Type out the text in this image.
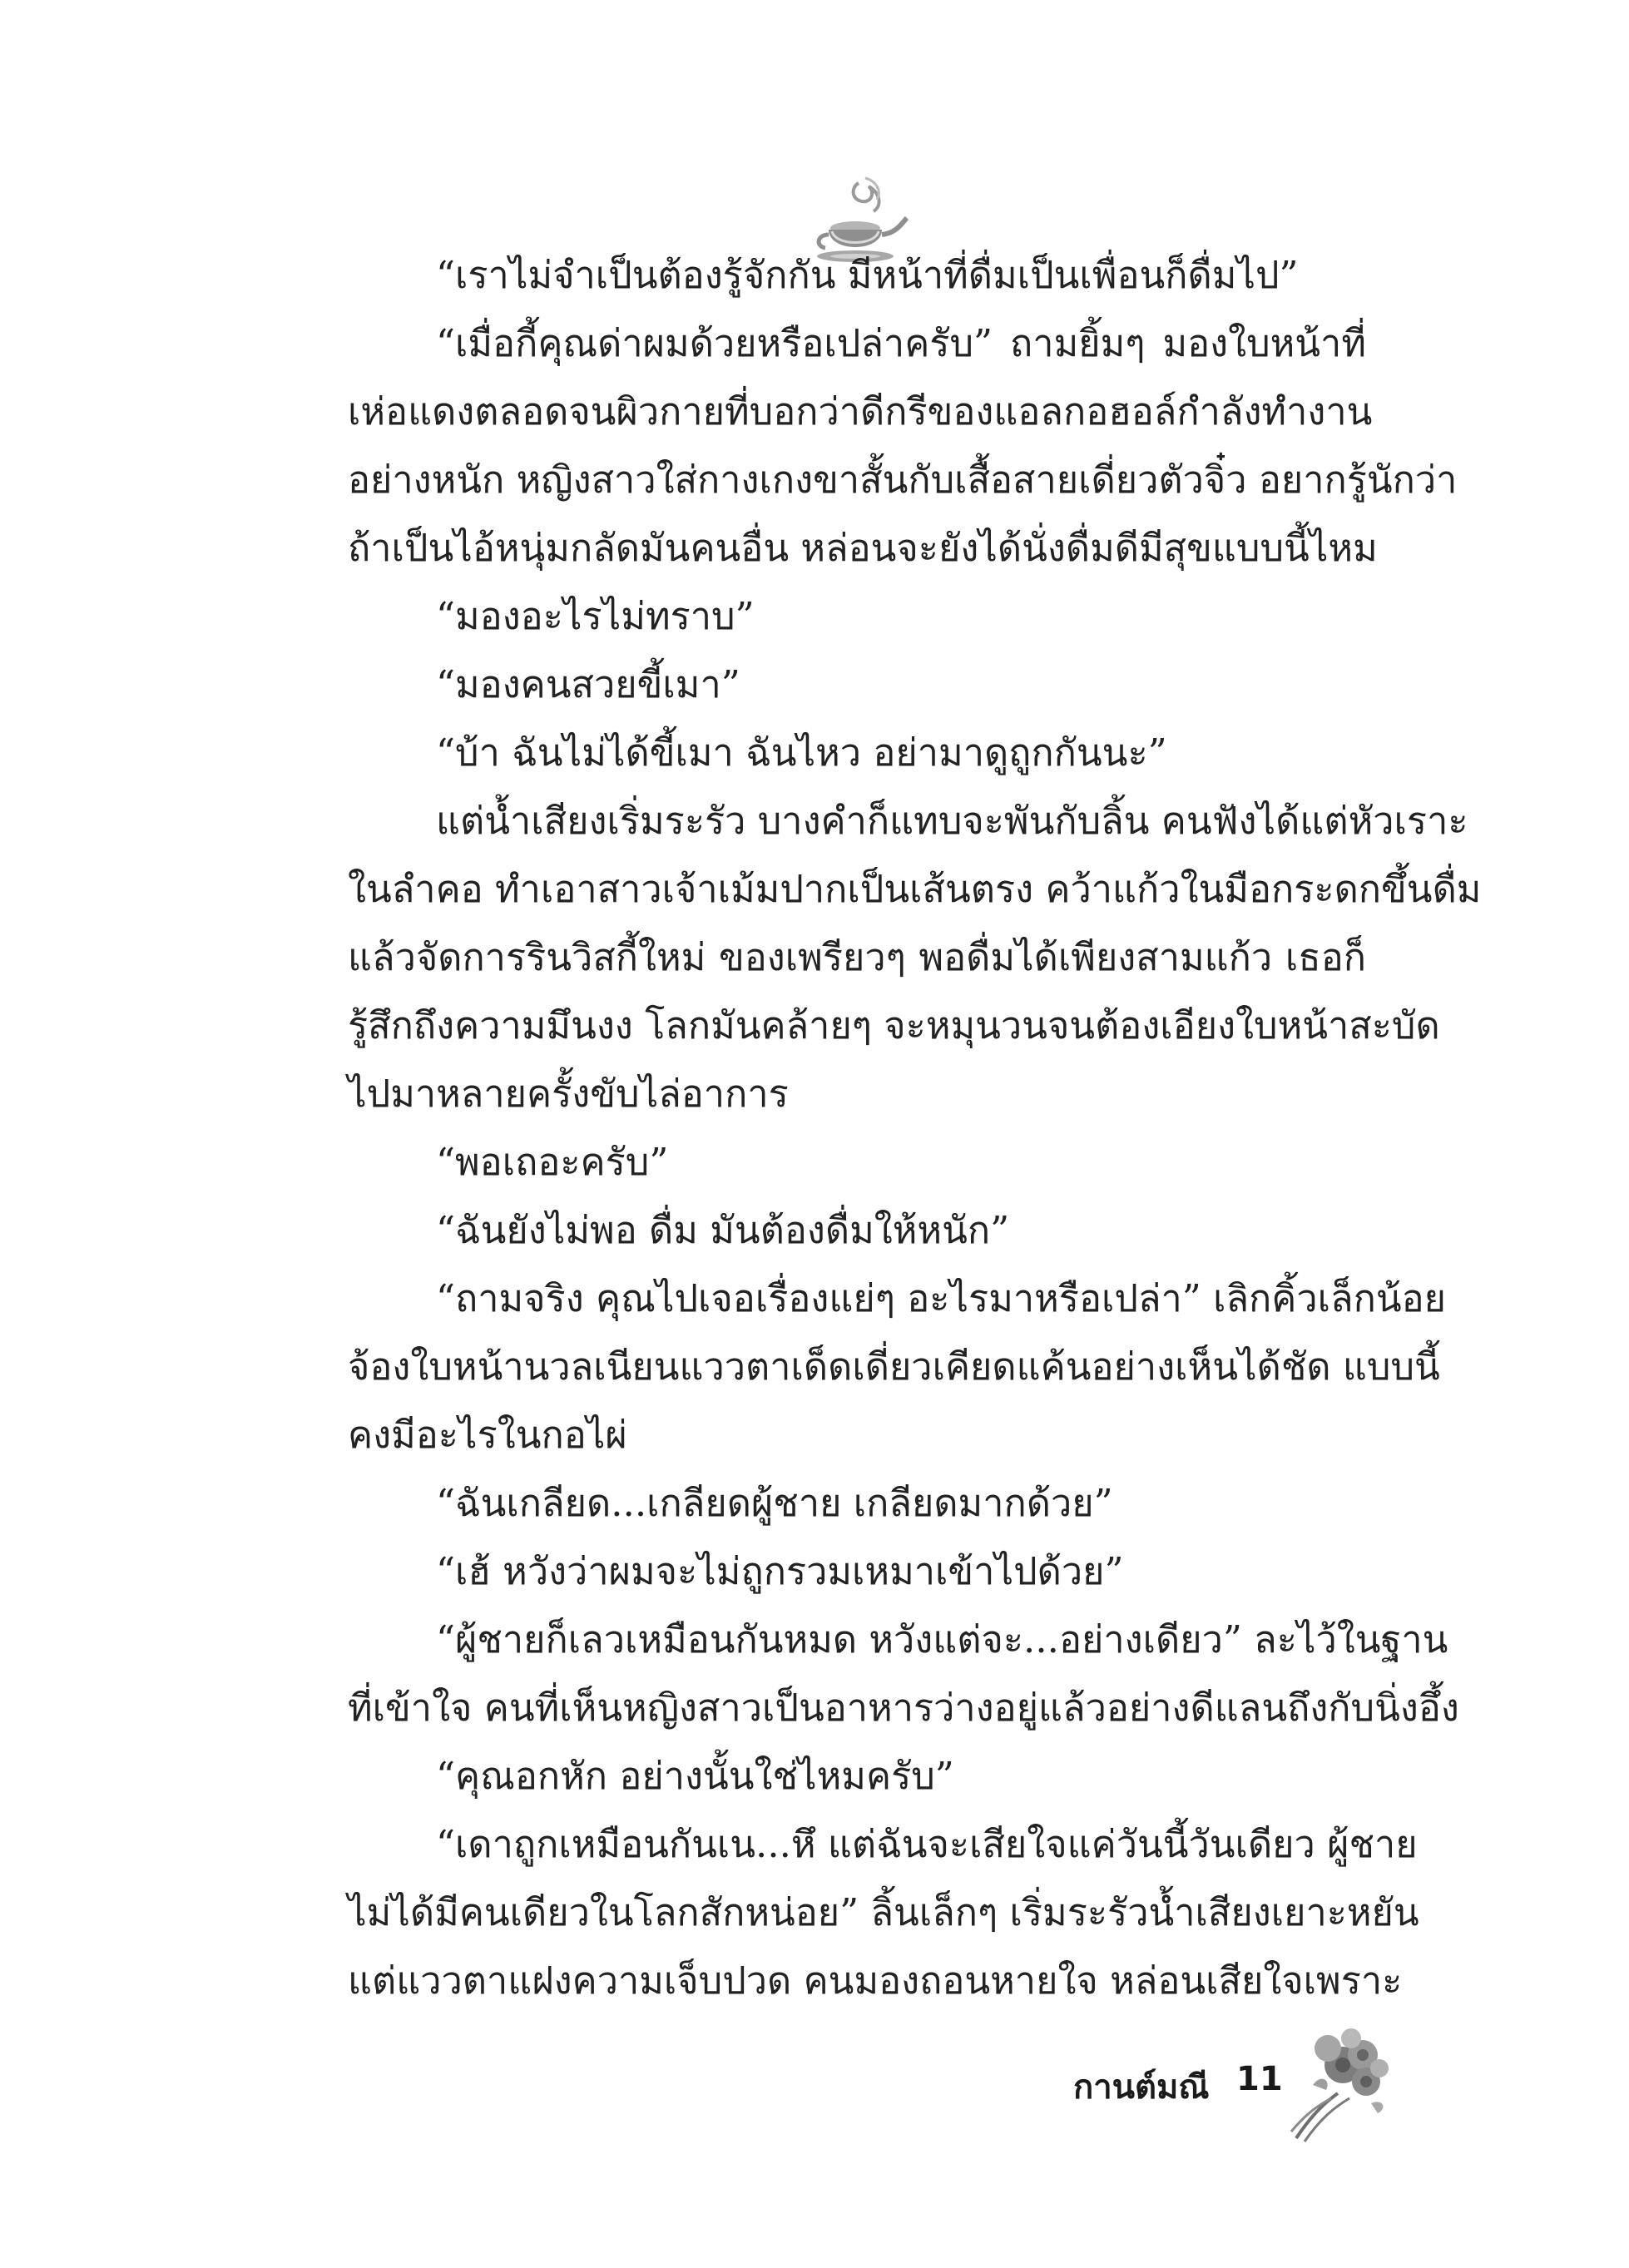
“เราไม่จำเป็นต้องรู้จักกัน มีหน้าที่ดื่มเป็นเพื่อนก็ดื่มไป”
“เมื่อกี้คุณด่าผมด้วยหรือเปล่าครับ” ถามยิ้มๆ มองใบหน้าที่
เห่อแดงตลอดจนผิวกายที่บอกว่าดีกรีของแอลกอฮอล์กำลังทำงาน
อย่างหนัก หญิงสาวใส่กางเกงขาสั้นกับเสื้อสายเดี่ยวตัวจิ๋ว อยากรู้นักว่า
ถ้าเป็นไอ้หนุ่มกลัดมันคนอื่น หล่อนจะยังได้นั่งดื่มดีมีสุขแบบนี้ไหม
“มองอะไรไม่ทราบ”
“มองคนสวยขี้เมา”
“บ้า ฉันไม่ได้ขี้เมา ฉันไหว อย่ามาดูถูกกันนะ”
แต่น้ำเสียงเริ่มระรัว บางคำก็แทบจะพันกับลิ้น คนฟังได้แต่หัวเราะ
ในลำคอ ทำเอาสาวเจ้าเม้มปากเป็นเส้นตรง คว้าแก้วในมือกระดกขึ้นดื่ม
แล้วจัดการรินวิสกี้ใหม่ ของเพรียวๆ พอดื่มได้เพียงสามแก้ว เธอก็
รู้สึกถึงความมึนงง โลกมันคล้ายๆ จะหมุนวนจนต้องเอียงใบหน้าสะบัด
ไปมาหลายครั้งขับไล่อาการ
“พอเถอะครับ”
“ฉันยังไม่พอ ดื่ม มันต้องดื่มให้หนัก”
“ถามจริง คุณไปเจอเรื่องแย่ๆ อะไรมาหรือเปล่า” เลิกคิ้วเล็กน้อย
จ้องใบหน้านวลเนียนแววตาเด็ดเดี่ยวเคียดแค้นอย่างเห็นได้ชัด แบบนี้
คงมีอะไรในกอไผ่
“ฉันเกลียด...เกลียดผู้ชาย เกลียดมากด้วย”
“เฮ้ หวังว่าผมจะไม่ถูกรวมเหมาเข้าไปด้วย”
“ผู้ชายก็เลวเหมือนกันหมด หวังแต่จะ...อย่างเดียว” ละไว้ในฐาน
ที่เข้าใจ คนที่เห็นหญิงสาวเป็นอาหารว่างอยู่แล้วอย่างดีแลนถึงกับนิ่งอึ้ง
“คุณอกหัก อย่างนั้นใช่ไหมครับ”
“เดาถูกเหมือนกันเน...หึ แต่ฉันจะเสียใจแค่วันนี้วันเดียว ผู้ชาย
ไม่ได้มีคนเดียวในโลกสักหน่อย” ลิ้นเล็กๆ เริ่มระรัวน้ำเสียงเยาะหยัน
แต่แววตาแฝงความเจ็บปวด คนมองถอนหายใจ หล่อนเสียใจเพราะ
กานต์มณี 11
